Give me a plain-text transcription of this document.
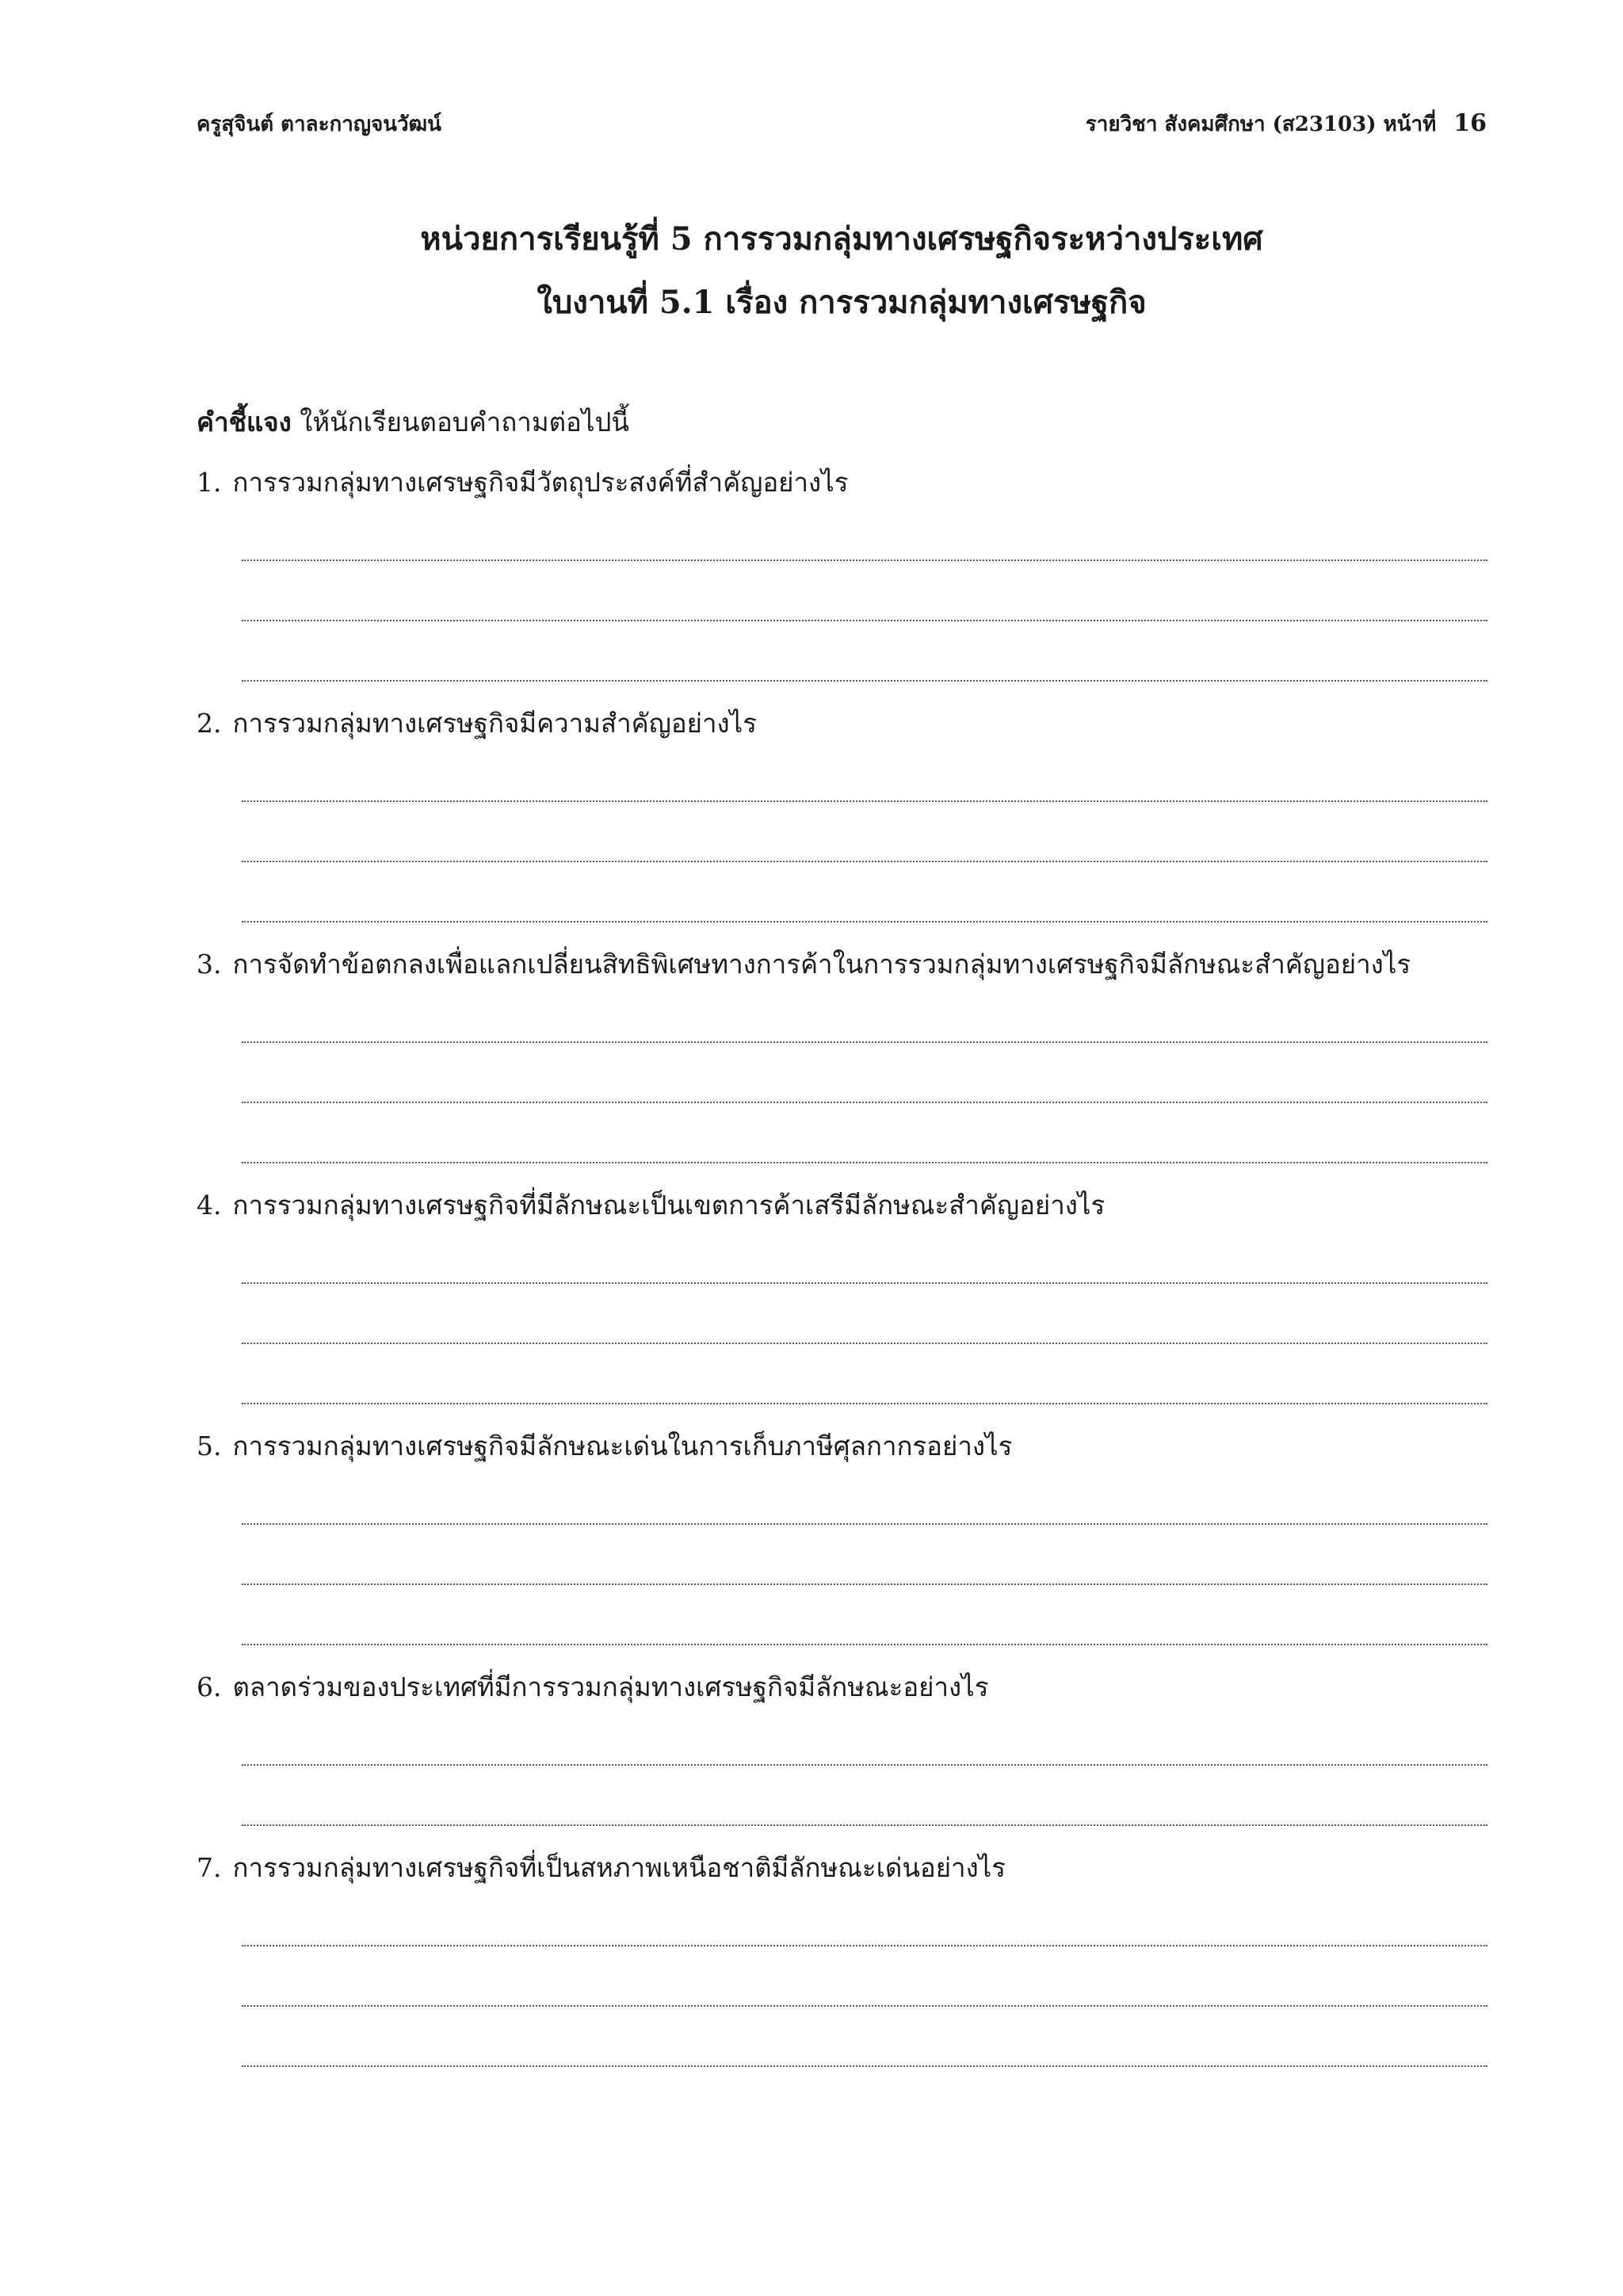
ครูสุจินต์ ตาละกาญจนวัฒน์	รายวิชา สังคมศึกษา (ส23103) หน้าที่ 16
หน่วยการเรียนรู้ที่ 5 การรวมกลุ่มทางเศรษฐกิจระหว่างประเทศ
ใบงานที่ 5.1 เรื่อง การรวมกลุ่มทางเศรษฐกิจ
คำชี้แจง ให้นักเรียนตอบคำถามต่อไปนี้
1. การรวมกลุ่มทางเศรษฐกิจมีวัตถุประสงค์ที่สำคัญอย่างไร
2. การรวมกลุ่มทางเศรษฐกิจมีความสำคัญอย่างไร
3. การจัดทำข้อตกลงเพื่อแลกเปลี่ยนสิทธิพิเศษทางการค้าในการรวมกลุ่มทางเศรษฐกิจมีลักษณะสำคัญอย่างไร
4. การรวมกลุ่มทางเศรษฐกิจที่มีลักษณะเป็นเขตการค้าเสรีมีลักษณะสำคัญอย่างไร
5. การรวมกลุ่มทางเศรษฐกิจมีลักษณะเด่นในการเก็บภาษีศุลกากรอย่างไร
6. ตลาดร่วมของประเทศที่มีการรวมกลุ่มทางเศรษฐกิจมีลักษณะอย่างไร
7. การรวมกลุ่มทางเศรษฐกิจที่เป็นสหภาพเหนือชาติมีลักษณะเด่นอย่างไร
